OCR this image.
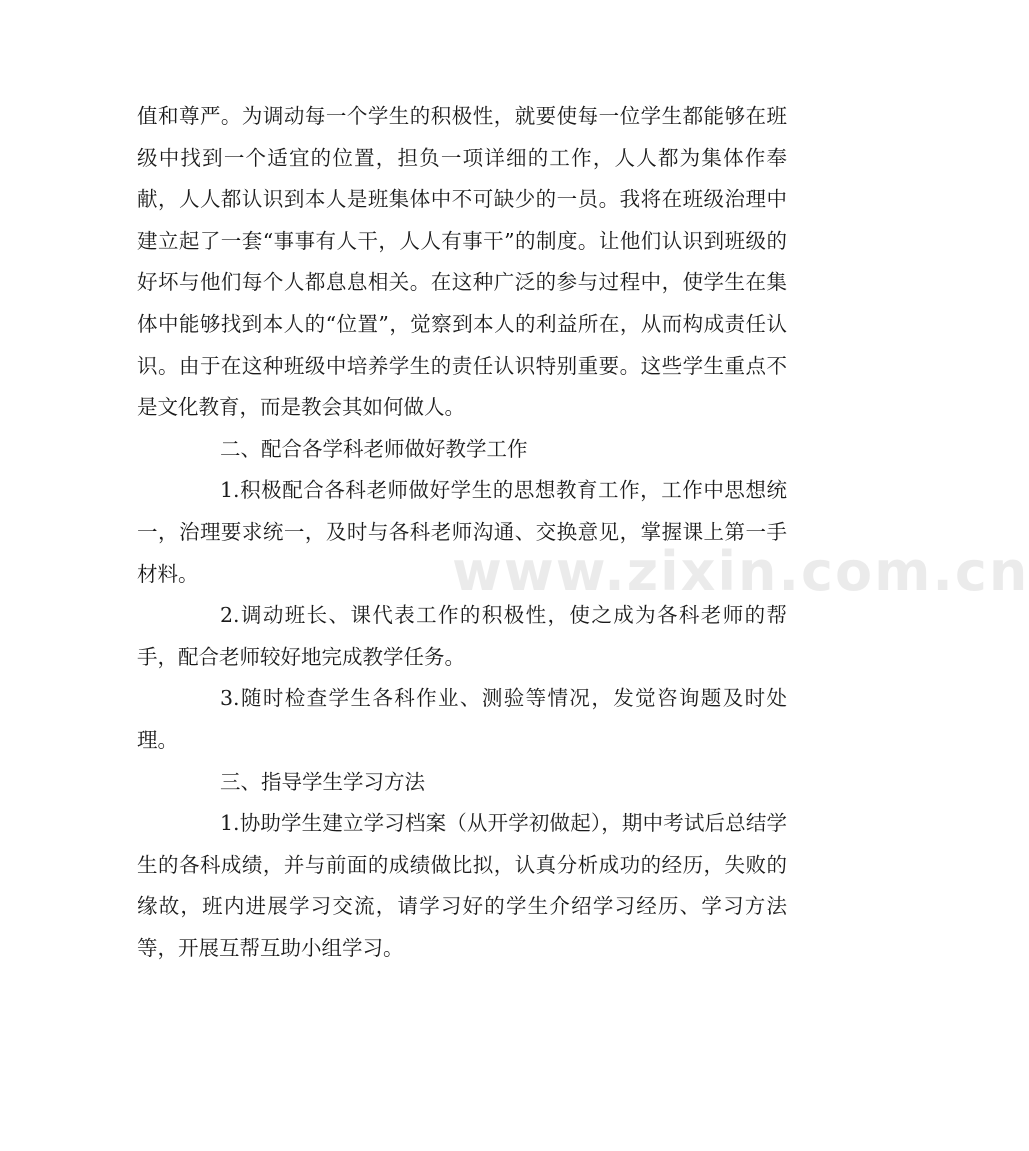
值和尊严。为调动每一个学生的积极性，就要使每一位学生都能够在班级中找到一个适宜的位置，担负一项详细的工作，人人都为集体作奉献，人人都认识到本人是班集体中不可缺少的一员。我将在班级治理中建立起了一套“事事有人干，人人有事干”的制度。让他们认识到班级的好坏与他们每个人都息息相关。在这种广泛的参与过程中，使学生在集体中能够找到本人的“位置”，觉察到本人的利益所在，从而构成责任认识。由于在这种班级中培养学生的责任认识特别重要。这些学生重点不是文化教育，而是教会其如何做人。

二、配合各学科老师做好教学工作

1.积极配合各科老师做好学生的思想教育工作，工作中思想统一，治理要求统一，及时与各科老师沟通、交换意见，掌握课上第一手材料。

2.调动班长、课代表工作的积极性，使之成为各科老师的帮手，配合老师较好地完成教学任务。

3.随时检查学生各科作业、测验等情况，发觉咨询题及时处理。

三、指导学生学习方法

1.协助学生建立学习档案（从开学初做起），期中考试后总结学生的各科成绩，并与前面的成绩做比拟，认真分析成功的经历，失败的缘故，班内进展学习交流，请学习好的学生介绍学习经历、学习方法等，开展互帮互助小组学习。

www.zixin.com.cn
